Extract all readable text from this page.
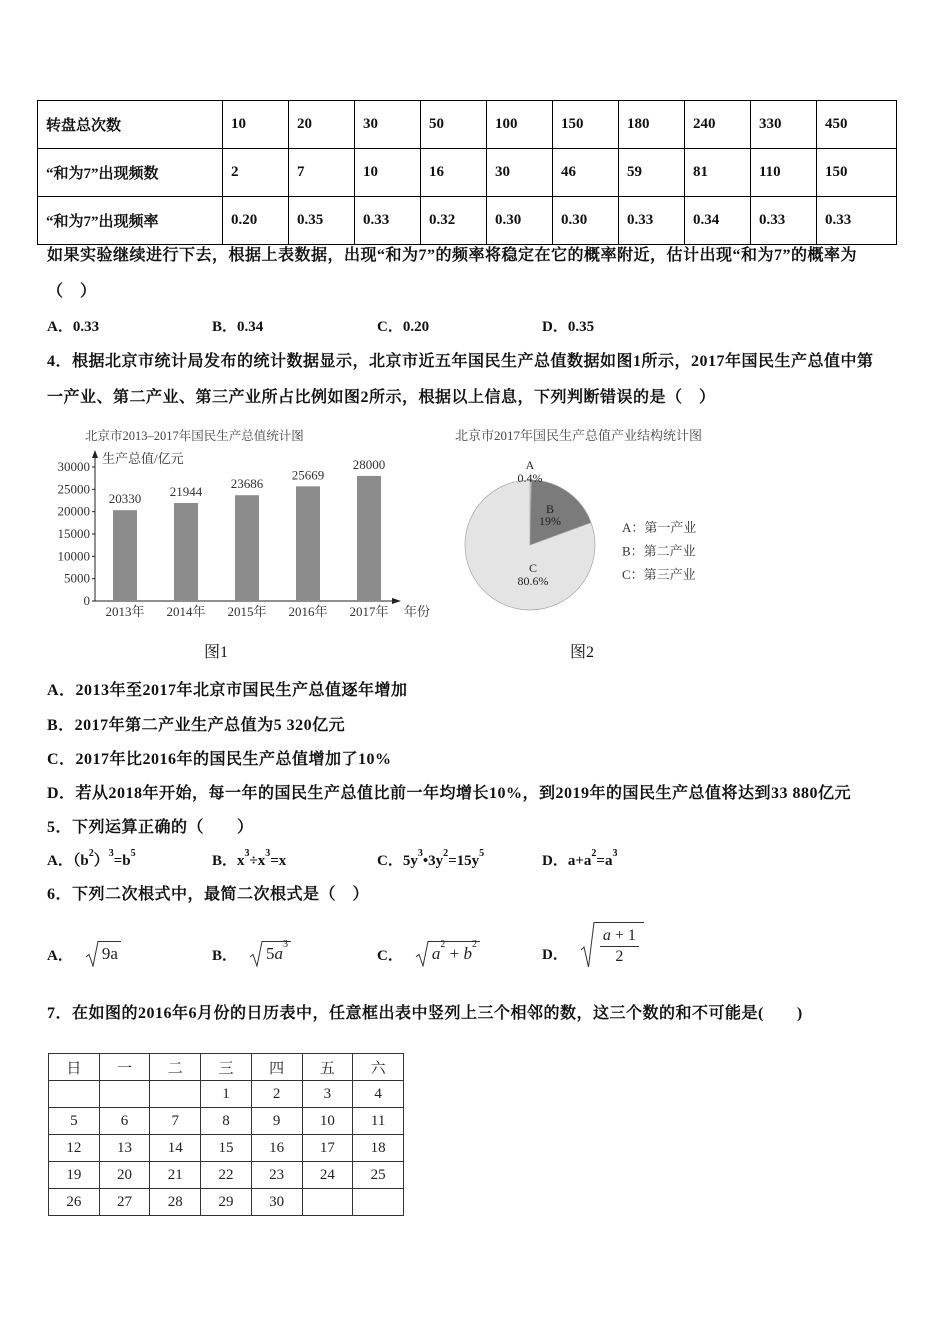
转盘总次数	10	20	30	50	100	150	180	240	330	450
“和为7”出现频数	2	7	10	16	30	46	59	81	110	150
“和为7”出现频率	0.20	0.35	0.33	0.32	0.30	0.30	0.33	0.34	0.33	0.33
如果实验继续进行下去，根据上表数据，出现“和为7”的频率将稳定在它的概率附近，估计出现“和为7”的概率为
（　）
A．0.33	B．0.34	C．0.20	D．0.35
4．根据北京市统计局发布的统计数据显示，北京市近五年国民生产总值数据如图1所示，2017年国民生产总值中第
一产业、第二产业、第三产业所占比例如图2所示，根据以上信息，下列判断错误的是（　）
北京市2013–2017年国民生产总值统计图
生产总值/亿元
年份
0
5000
10000
15000
20000
25000
30000
20330
2013年
21944
2014年
23686
2015年
25669
2016年
28000
2017年
北京市2017年国民生产总值产业结构统计图
A
0.4%
B
19%
C
80.6%
A：第一产业
B：第二产业
C：第三产业
图1	图2
A．2013年至2017年北京市国民生产总值逐年增加
B．2017年第二产业生产总值为5 320亿元
C．2017年比2016年的国民生产总值增加了10%
D．若从2018年开始，每一年的国民生产总值比前一年均增长10%，到2019年的国民生产总值将达到33 880亿元
5．下列运算正确的（　　）
A．$(b^2)^3=b^5$	B．$x^3\div x^3=x$	C．$5y^3•3y^2=15y^5$	D．$a+a^2=a^3$
6．下列二次根式中，最简二次根式是（　）
A． 9a	B． $5a^3$
C． $a^2 + b^2$
D． $\frac{a + 1}{2}$
7．在如图的2016年6月份的日历表中，任意框出表中竖列上三个相邻的数，这三个数的和不可能是(　　)
日	一	二	三	四	五	六
			1	2	3	4
5	6	7	8	9	10	11
12	13	14	15	16	17	18
19	20	21	22	23	24	25
26	27	28	29	30		
